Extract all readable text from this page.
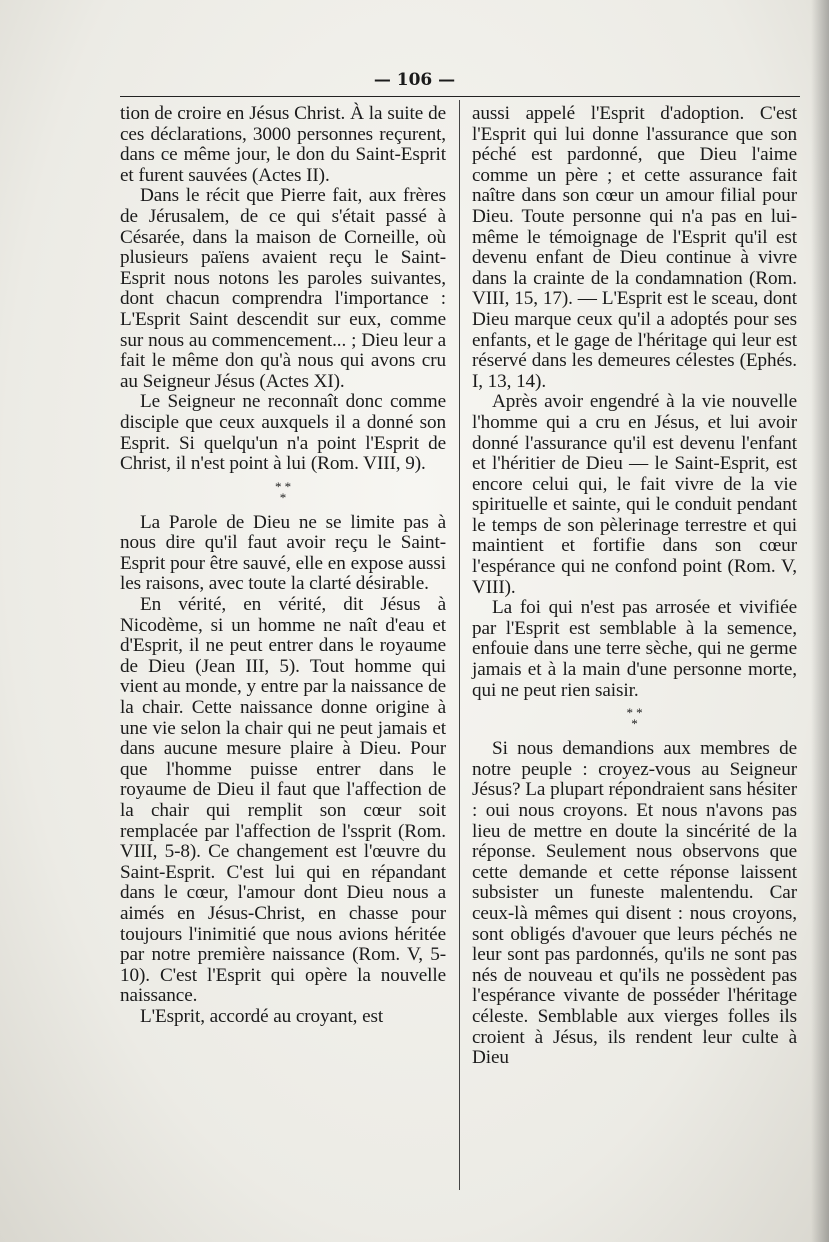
— 106 —

tion de croire en Jésus Christ. À la suite de ces déclarations, 3000 personnes reçurent, dans ce même jour, le don du Saint-Esprit et furent sauvées (Actes II).

Dans le récit que Pierre fait, aux frères de Jérusalem, de ce qui s'était passé à Césarée, dans la maison de Corneille, où plusieurs païens avaient reçu le Saint-Esprit nous notons les paroles suivantes, dont chacun comprendra l'importance : L'Esprit Saint descendit sur eux, comme sur nous au commencement... ; Dieu leur a fait le même don qu'à nous qui avons cru au Seigneur Jésus (Actes XI).

Le Seigneur ne reconnaît donc comme disciple que ceux auxquels il a donné son Esprit. Si quelqu'un n'a point l'Esprit de Christ, il n'est point à lui (Rom. VIII, 9).

* *
*

La Parole de Dieu ne se limite pas à nous dire qu'il faut avoir reçu le Saint-Esprit pour être sauvé, elle en expose aussi les raisons, avec toute la clarté désirable.

En vérité, en vérité, dit Jésus à Nicodème, si un homme ne naît d'eau et d'Esprit, il ne peut entrer dans le royaume de Dieu (Jean III, 5). Tout homme qui vient au monde, y entre par la naissance de la chair. Cette naissance donne origine à une vie selon la chair qui ne peut jamais et dans aucune mesure plaire à Dieu. Pour que l'homme puisse entrer dans le royaume de Dieu il faut que l'affection de la chair qui remplit son cœur soit remplacée par l'affection de l'ssprit (Rom. VIII, 5-8). Ce changement est l'œuvre du Saint-Esprit. C'est lui qui en répandant dans le cœur, l'amour dont Dieu nous a aimés en Jésus-Christ, en chasse pour toujours l'inimitié que nous avions héritée par notre première naissance (Rom. V, 5-10). C'est l'Esprit qui opère la nouvelle naissance.

L'Esprit, accordé au croyant, est

aussi appelé l'Esprit d'adoption. C'est l'Esprit qui lui donne l'assurance que son péché est pardonné, que Dieu l'aime comme un père ; et cette assurance fait naître dans son cœur un amour filial pour Dieu. Toute personne qui n'a pas en lui-même le témoignage de l'Esprit qu'il est devenu enfant de Dieu continue à vivre dans la crainte de la condamnation (Rom. VIII, 15, 17). — L'Esprit est le sceau, dont Dieu marque ceux qu'il a adoptés pour ses enfants, et le gage de l'héritage qui leur est réservé dans les demeures célestes (Ephés. I, 13, 14).

Après avoir engendré à la vie nouvelle l'homme qui a cru en Jésus, et lui avoir donné l'assurance qu'il est devenu l'enfant et l'héritier de Dieu — le Saint-Esprit, est encore celui qui, le fait vivre de la vie spirituelle et sainte, qui le conduit pendant le temps de son pèlerinage terrestre et qui maintient et fortifie dans son cœur l'espérance qui ne confond point (Rom. V, VIII).

La foi qui n'est pas arrosée et vivifiée par l'Esprit est semblable à la semence, enfouie dans une terre sèche, qui ne germe jamais et à la main d'une personne morte, qui ne peut rien saisir.

* *
*

Si nous demandions aux membres de notre peuple : croyez-vous au Seigneur Jésus? La plupart répondraient sans hésiter : oui nous croyons. Et nous n'avons pas lieu de mettre en doute la sincérité de la réponse. Seulement nous observons que cette demande et cette réponse laissent subsister un funeste malentendu. Car ceux-là mêmes qui disent : nous croyons, sont obligés d'avouer que leurs péchés ne leur sont pas pardonnés, qu'ils ne sont pas nés de nouveau et qu'ils ne possèdent pas l'espérance vivante de posséder l'héritage céleste. Semblable aux vierges folles ils croient à Jésus, ils rendent leur culte à Dieu
